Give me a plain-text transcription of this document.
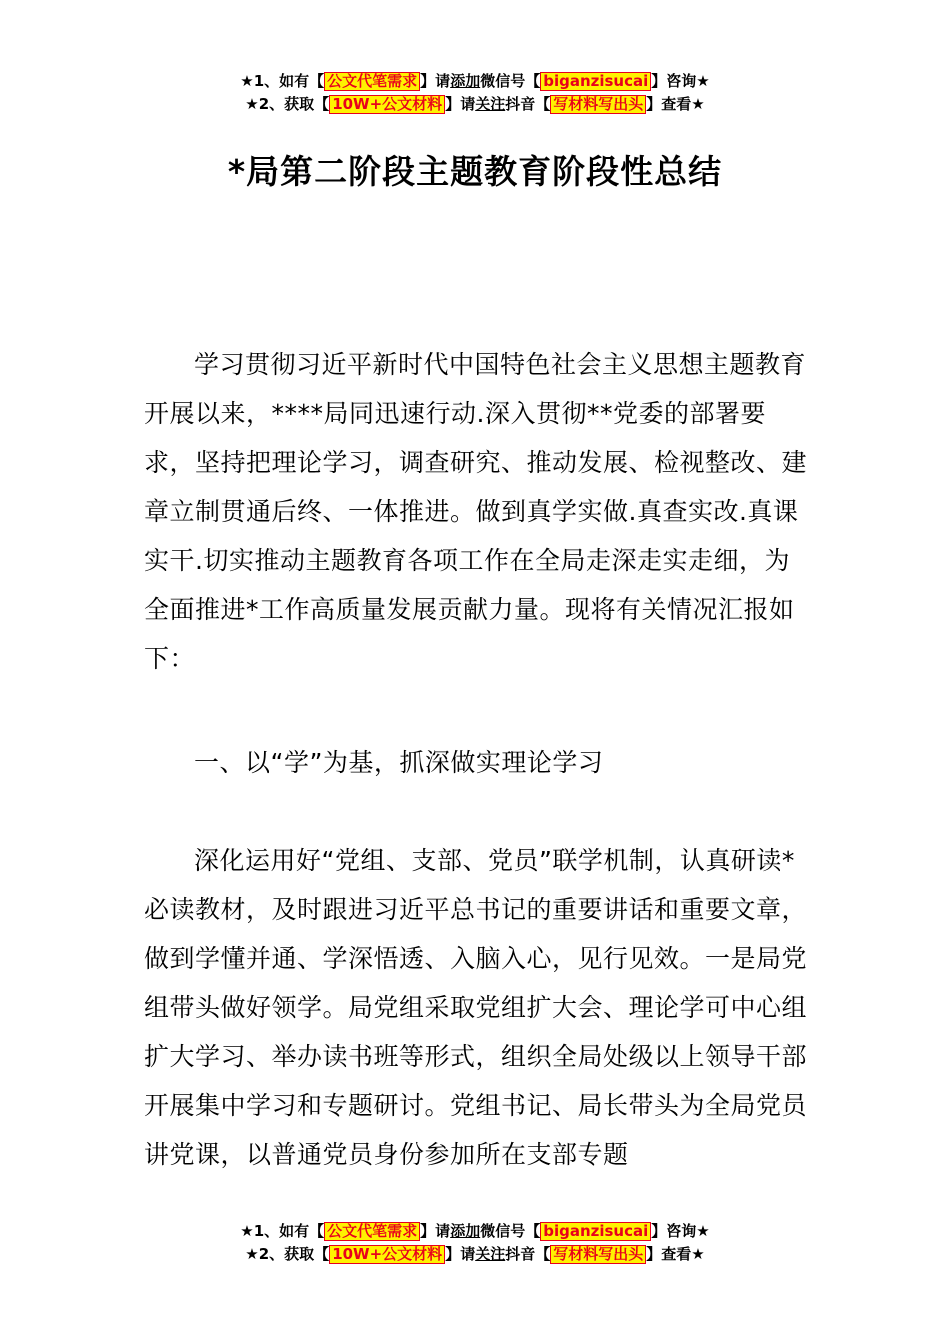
★1、如有【 公文代笔需求 】请添加微信号【 biganzisucai 】咨询★
★2、获取【 10W+公文材料 】请关注抖音【 写材料写出头 】查看★
*局第二阶段主题教育阶段性总结

学习贯彻习近平新时代中国特色社会主义思想主题教育开展以来，****局同迅速行动.深入贯彻**党委的部署要求，坚持把理论学习，调查研究、推动发展、检视整改、建章立制贯通后终、一体推进。做到真学实做.真查实改.真课实干.切实推动主题教育各项工作在全局走深走实走细，为全面推进*工作高质量发展贡献力量。现将有关情况汇报如下：

一、以“学”为基，抓深做实理论学习

深化运用好“党组、支部、党员”联学机制，认真研读*必读教材，及时跟进习近平总书记的重要讲话和重要文章，做到学懂并通、学深悟透、入脑入心，见行见效。一是局党组带头做好领学。局党组采取党组扩大会、理论学可中心组扩大学习、举办读书班等形式，组织全局处级以上领导干部开展集中学习和专题研讨。党组书记、局长带头为全局党员讲党课，以普通党员身份参加所在支部专题

★1、如有【 公文代笔需求 】请添加微信号【 biganzisucai 】咨询★
★2、获取【 10W+公文材料 】请关注抖音【 写材料写出头 】查看★
